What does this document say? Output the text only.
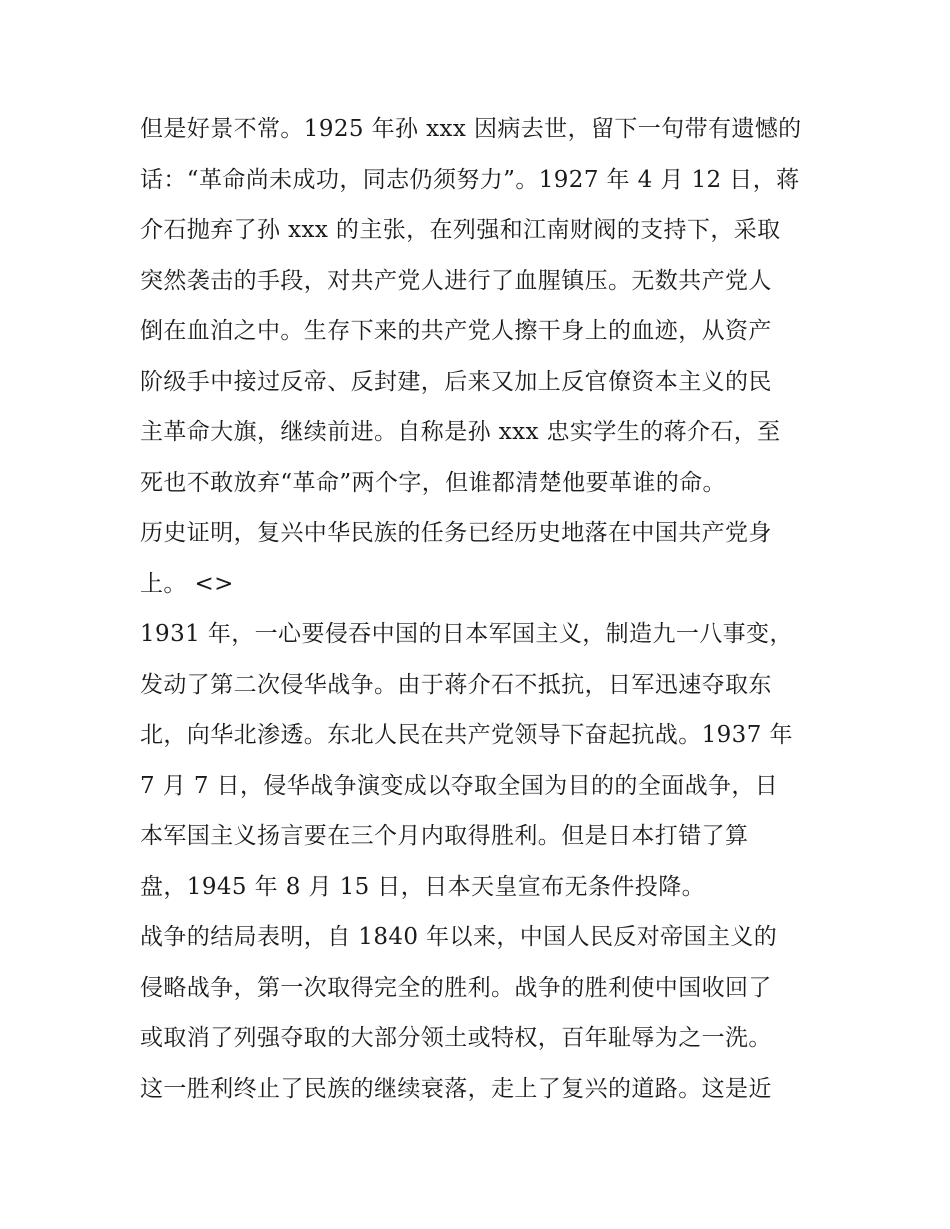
但是好景不常。1925 年孙 xxx 因病去世，留下一句带有遗憾的
话：“革命尚未成功，同志仍须努力”。1927 年 4 月 12 日，蒋
介石抛弃了孙 xxx 的主张，在列强和江南财阀的支持下，采取
突然袭击的手段，对共产党人进行了血腥镇压。无数共产党人
倒在血泊之中。生存下来的共产党人擦干身上的血迹，从资产
阶级手中接过反帝、反封建，后来又加上反官僚资本主义的民
主革命大旗，继续前进。自称是孙 xxx 忠实学生的蒋介石，至
死也不敢放弃“革命”两个字，但谁都清楚他要革谁的命。
历史证明，复兴中华民族的任务已经历史地落在中国共产党身
上。 <>
1931 年，一心要侵吞中国的日本军国主义，制造九一八事变，
发动了第二次侵华战争。由于蒋介石不抵抗，日军迅速夺取东
北，向华北渗透。东北人民在共产党领导下奋起抗战。1937 年
7 月 7 日，侵华战争演变成以夺取全国为目的的全面战争，日
本军国主义扬言要在三个月内取得胜利。但是日本打错了算
盘，1945 年 8 月 15 日，日本天皇宣布无条件投降。
战争的结局表明，自 1840 年以来，中国人民反对帝国主义的
侵略战争，第一次取得完全的胜利。战争的胜利使中国收回了
或取消了列强夺取的大部分领土或特权，百年耻辱为之一洗。
这一胜利终止了民族的继续衰落，走上了复兴的道路。这是近
